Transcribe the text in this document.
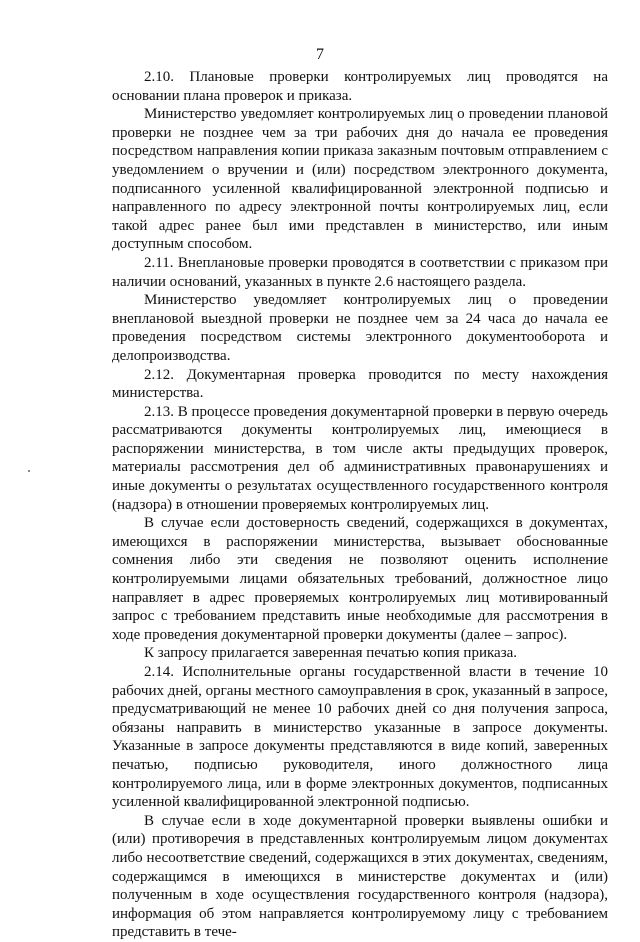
7

2.10. Плановые проверки контролируемых лиц проводятся на основании плана проверок и приказа.

Министерство уведомляет контролируемых лиц о проведении плановой проверки не позднее чем за три рабочих дня до начала ее проведения посредством направления копии приказа заказным почтовым отправлением с уведомлением о вручении и (или) посредством электронного документа, подписанного усиленной квалифицированной электронной подписью и направленного по адресу электронной почты контролируемых лиц, если такой адрес ранее был ими представлен в министерство, или иным доступным способом.

2.11. Внеплановые проверки проводятся в соответствии с приказом при наличии оснований, указанных в пункте 2.6 настоящего раздела.

Министерство уведомляет контролируемых лиц о проведении внеплановой выездной проверки не позднее чем за 24 часа до начала ее проведения посредством системы электронного документооборота и делопроизводства.

2.12. Документарная проверка проводится по месту нахождения министерства.

2.13. В процессе проведения документарной проверки в первую очередь рассматриваются документы контролируемых лиц, имеющиеся в распоряжении министерства, в том числе акты предыдущих проверок, материалы рассмотрения дел об административных правонарушениях и иные документы о результатах осуществленного государственного контроля (надзора) в отношении проверяемых контролируемых лиц.

В случае если достоверность сведений, содержащихся в документах, имеющихся в распоряжении министерства, вызывает обоснованные сомнения либо эти сведения не позволяют оценить исполнение контролируемыми лицами обязательных требований, должностное лицо направляет в адрес проверяемых контролируемых лиц мотивированный запрос с требованием представить иные необходимые для рассмотрения в ходе проведения документарной проверки документы (далее – запрос).

К запросу прилагается заверенная печатью копия приказа.

2.14. Исполнительные органы государственной власти в течение 10 рабочих дней, органы местного самоуправления в срок, указанный в запросе, предусматривающий не менее 10 рабочих дней со дня получения запроса, обязаны направить в министерство указанные в запросе документы. Указанные в запросе документы представляются в виде копий, заверенных печатью, подписью руководителя, иного должностного лица контролируемого лица, или в форме электронных документов, подписанных усиленной квалифицированной электронной подписью.

В случае если в ходе документарной проверки выявлены ошибки и (или) противоречия в представленных контролируемым лицом документах либо несоответствие сведений, содержащихся в этих документах, сведениям, содержащимся в имеющихся в министерстве документах и (или) полученным в ходе осуществления государственного контроля (надзора), информация об этом направляется контролируемому лицу с требованием представить в тече-
